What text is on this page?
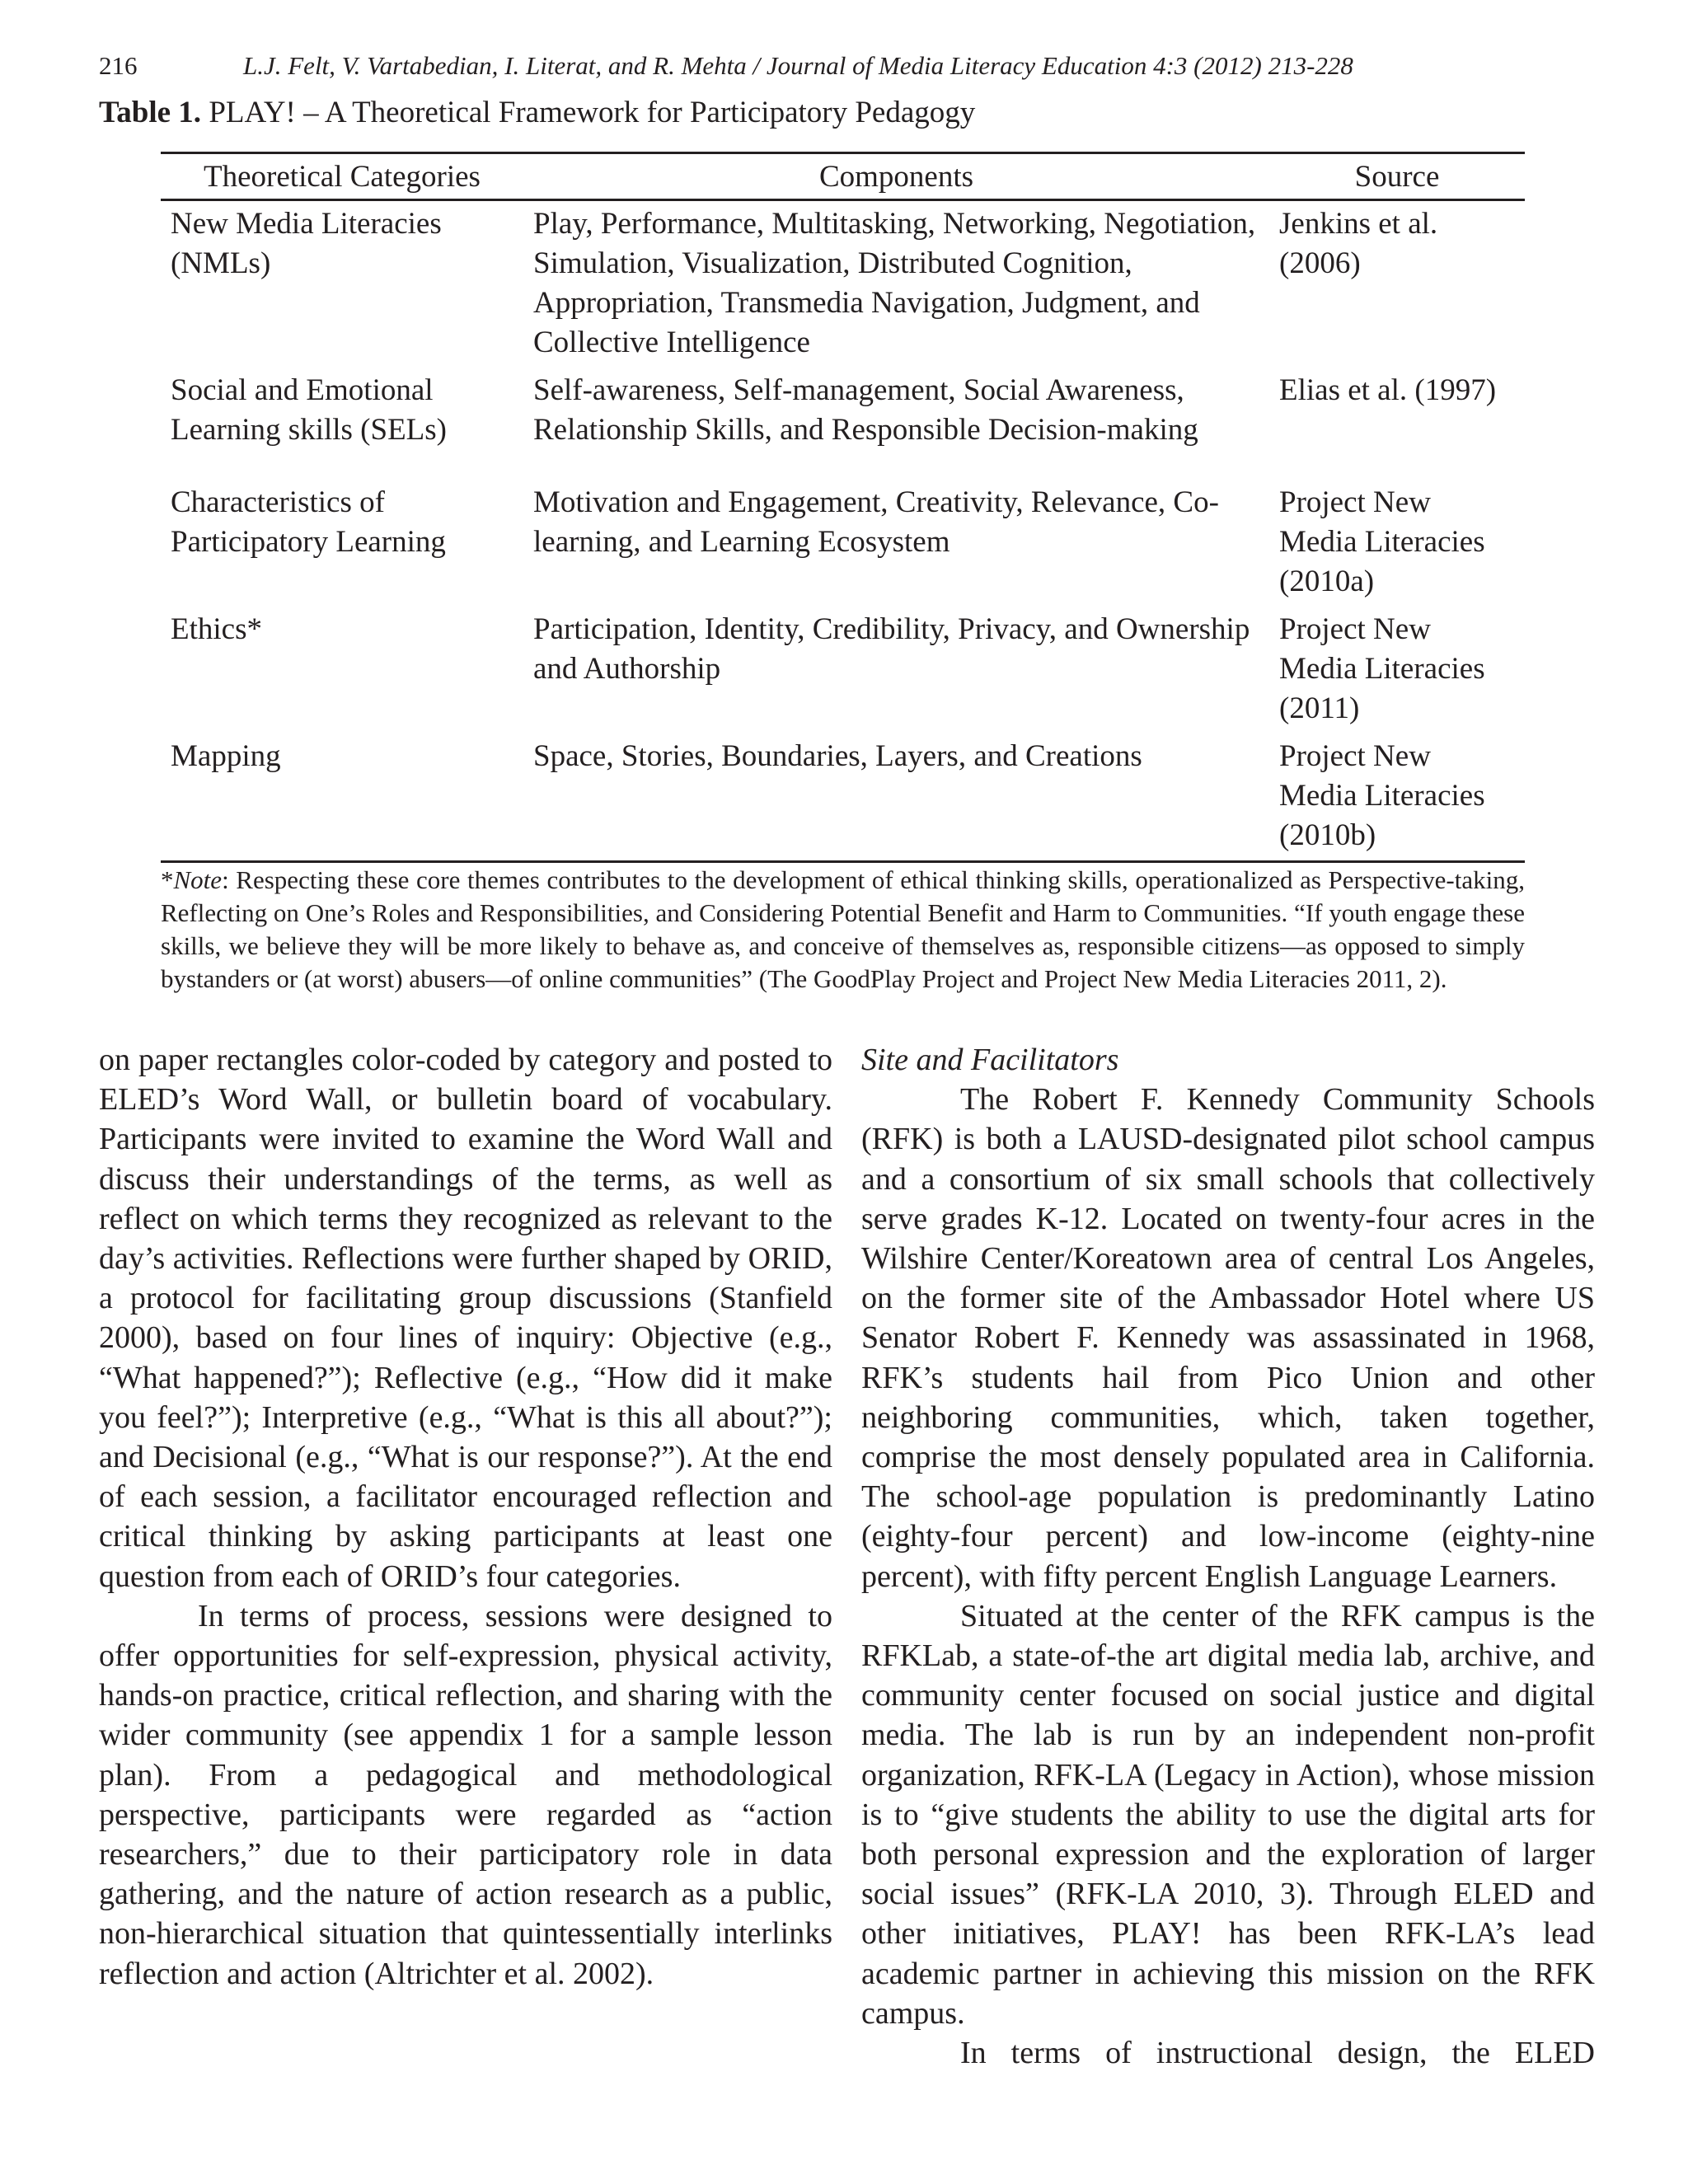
216	L.J. Felt, V. Vartabedian, I. Literat, and R. Mehta / Journal of Media Literacy Education 4:3 (2012) 213-228
Table 1. PLAY! – A Theoretical Framework for Participatory Pedagogy
Theoretical Categories	Components	Source
New Media Literacies (NMLs)	Play, Performance, Multitasking, Networking, Negotiation, Simulation, Visualization, Distributed Cognition, Appropriation, Transmedia Navigation, Judgment, and Collective Intelligence	Jenkins et al. (2006)
Social and Emotional Learning skills (SELs)	Self-awareness, Self-management, Social Awareness, Relationship Skills, and Responsible Decision-making	Elias et al. (1997)
Characteristics of Participatory Learning	Motivation and Engagement, Creativity, Relevance, Co-learning, and Learning Ecosystem	Project New Media Literacies (2010a)
Ethics*	Participation, Identity, Credibility, Privacy, and Ownership and Authorship	Project New Media Literacies (2011)
Mapping	Space, Stories, Boundaries, Layers, and Creations	Project New Media Literacies (2010b)
*Note: Respecting these core themes contributes to the development of ethical thinking skills, operationalized as Perspective-taking, Reflecting on One’s Roles and Responsibilities, and Considering Potential Benefit and Harm to Communities. “If youth engage these skills, we believe they will be more likely to behave as, and conceive of themselves as, responsible citizens—as opposed to simply bystanders or (at worst) abusers—of online communities” (The GoodPlay Project and Project New Media Literacies 2011, 2).

on paper rectangles color-coded by category and posted to ELED’s Word Wall, or bulletin board of vocabulary. Participants were invited to examine the Word Wall and discuss their understandings of the terms, as well as reflect on which terms they recognized as relevant to the day’s activities. Reflections were further shaped by ORID, a protocol for facilitating group discussions (Stanfield 2000), based on four lines of inquiry: Objective (e.g., “What happened?”); Reflective (e.g., “How did it make you feel?”); Interpretive (e.g., “What is this all about?”); and Decisional (e.g., “What is our response?”). At the end of each session, a facilitator encouraged reflection and critical thinking by asking participants at least one question from each of ORID’s four categories.

In terms of process, sessions were designed to offer opportunities for self-expression, physical activity, hands-on practice, critical reflection, and sharing with the wider community (see appendix 1 for a sample lesson plan). From a pedagogical and methodological perspective, participants were regarded as “action researchers,” due to their participatory role in data gathering, and the nature of action research as a public, non-hierarchical situation that quintessentially interlinks reflection and action (Altrichter et al. 2002).

Site and Facilitators

The Robert F. Kennedy Community Schools (RFK) is both a LAUSD-designated pilot school campus and a consortium of six small schools that collectively serve grades K-12. Located on twenty-four acres in the Wilshire Center/Koreatown area of central Los Angeles, on the former site of the Ambassador Hotel where US Senator Robert F. Kennedy was assassinated in 1968, RFK’s students hail from Pico Union and other neighboring communities, which, taken together, comprise the most densely populated area in California. The school-age population is predominantly Latino (eighty-four percent) and low-income (eighty-nine percent), with fifty percent English Language Learners.

Situated at the center of the RFK campus is the RFKLab, a state-of-the art digital media lab, archive, and community center focused on social justice and digital media. The lab is run by an independent non-profit organization, RFK-LA (Legacy in Action), whose mission is to “give students the ability to use the digital arts for both personal expression and the exploration of larger social issues” (RFK-LA 2010, 3). Through ELED and other initiatives, PLAY! has been RFK-LA’s lead academic partner in achieving this mission on the RFK campus.

In terms of instructional design, the ELED
